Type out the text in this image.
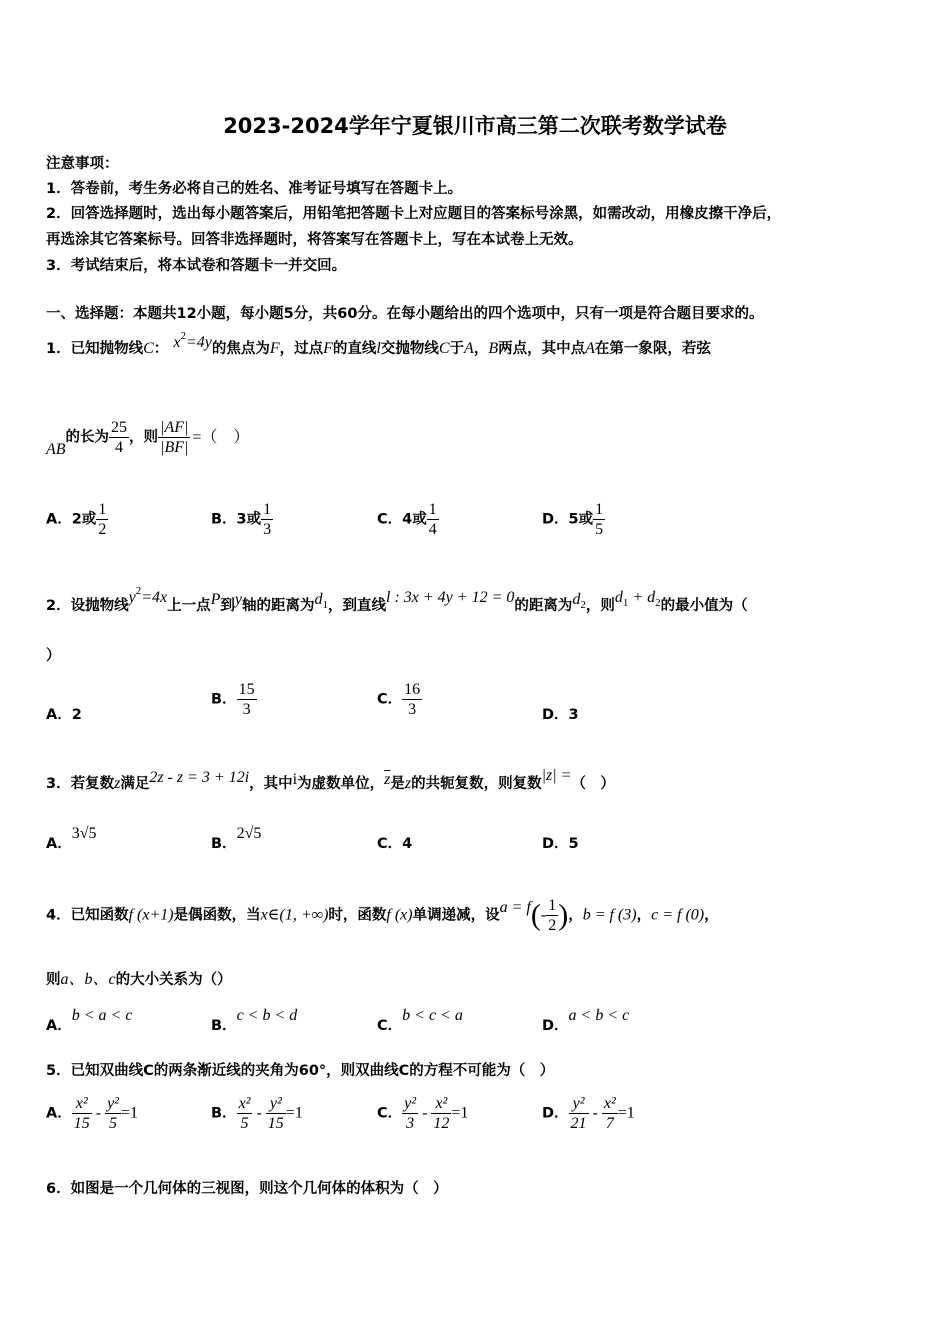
2023-2024学年宁夏银川市高三第二次联考数学试卷
注意事项：
1．答卷前，考生务必将自己的姓名、准考证号填写在答题卡上。
2．回答选择题时，选出每小题答案后，用铅笔把答题卡上对应题目的答案标号涂黑，如需改动，用橡皮擦干净后，
再选涂其它答案标号。回答非选择题时，将答案写在答题卡上，写在本试卷上无效。
3．考试结束后，将本试卷和答题卡一并交回。
一、选择题：本题共12小题，每小题5分，共60分。在每小题给出的四个选项中，只有一项是符合题目要求的。
1．已知抛物线C： $x^2=4y$的焦点为F，过点F的直线l交抛物线C于A，B两点，其中点A在第一象限，若弦
AB的长为 $\frac{25}{4}$ ，则 $\frac{|AF|}{|BF|}$ =（　）
A．2或 $\frac{1}{2}$	B．3或 $\frac{1}{3}$	C．4或 $\frac{1}{4}$	D．5或 $\frac{1}{5}$
2．设抛物线$y^2=4x$上一点P到y轴的距离为$d_1$，到直线l : 3x + 4y + 12 = 0的距离为$d_2$，则$d_1 + d_2$的最小值为（
）
A．2
B． $\frac{15}{3}$	C． $\frac{16}{3}$	D．3
3．若复数z满足2z - z = 3 + 12i，其中i为虚数单位，$\overline{z}$是z的共轭复数，则复数|z| =（　）
A．3√5
B．2√5
C．4	D．5
4．已知函数f (x+1)是偶函数，当x∈(1, +∞)时，函数f (x)单调递减，设$a = f(- \frac{1}{2}$ )，b = f (3)，c = f (0)，
则a、b、c的大小关系为（）
A．b < a < c
B．c < b < d
C．b < c < a
D．a < b < c
5．已知双曲线C的两条渐近线的夹角为60°，则双曲线C的方程不可能为（　）
A． $\frac{\text{x²}}{15} - \frac{\text{y²}}{5} =1$	B． $\frac{\text{x²}}{5} - \frac{\text{y²}}{15} =1$	C． $\frac{\text{y²}}{3} - \frac{\text{x²}}{12} =1$	D． $\frac{\text{y²}}{21} - \frac{\text{x²}}{7} =1$
6．如图是一个几何体的三视图，则这个几何体的体积为（　）
